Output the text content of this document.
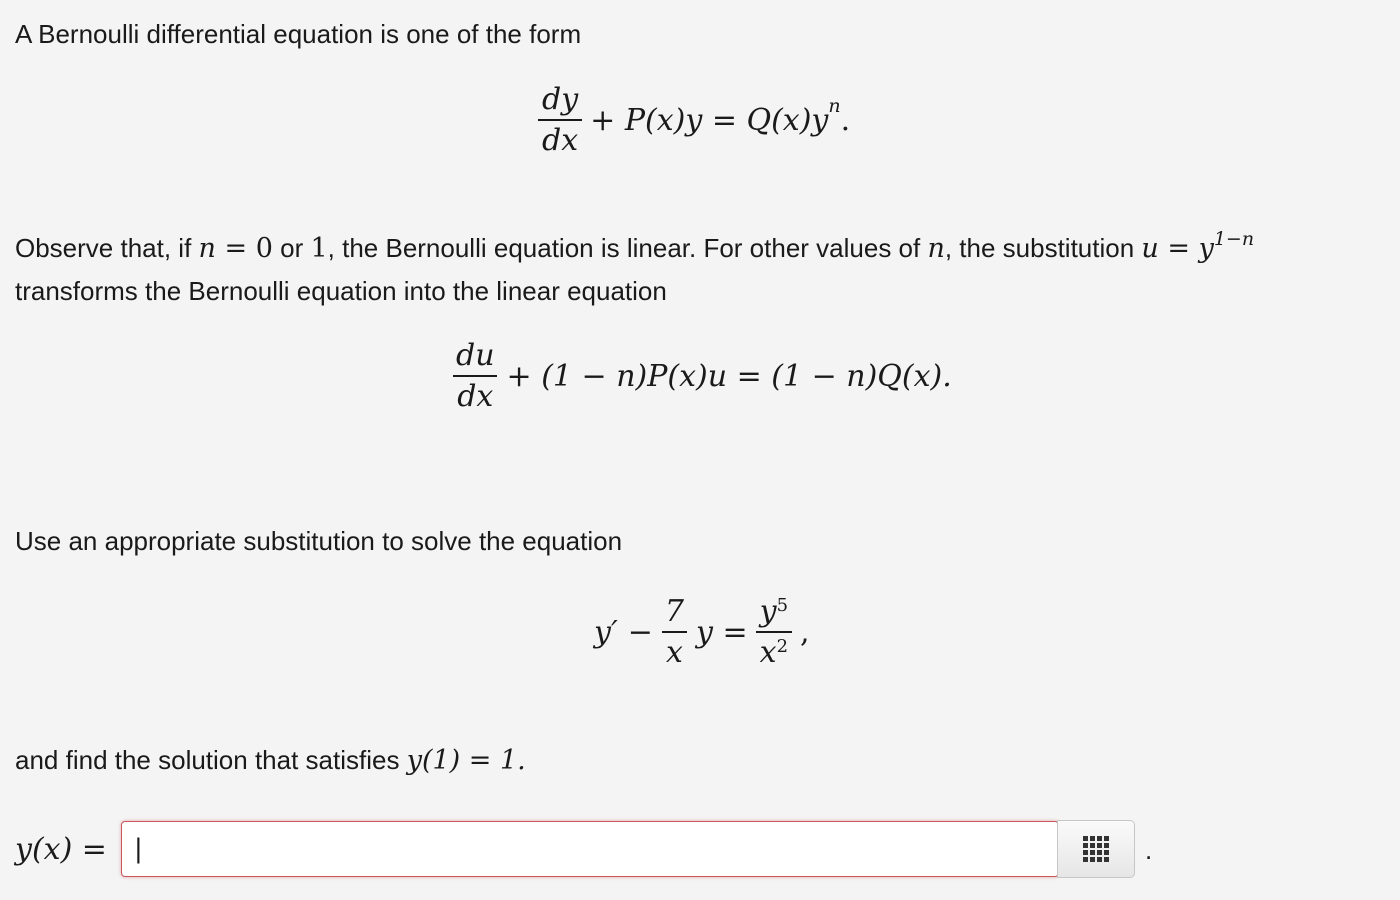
A Bernoulli differential equation is one of the form

$\frac{dy}{dx} + P(x)y = Q(x)y$ n .

Observe that, if n = 0 or 1, the Bernoulli equation is linear. For other values of n, the substitution $u = y^{1-n}$
transforms the Bernoulli equation into the linear equation

$\frac{du}{dx} + (1 - n)P(x)u = (1 - n)Q(x)$.

Use an appropriate substitution to solve the equation

$y' - \frac{7}{x}$ $y = \frac{y^5}{x^2}$ ,

and find the solution that satisfies y(1) = 1.

y(x) =
|	.
